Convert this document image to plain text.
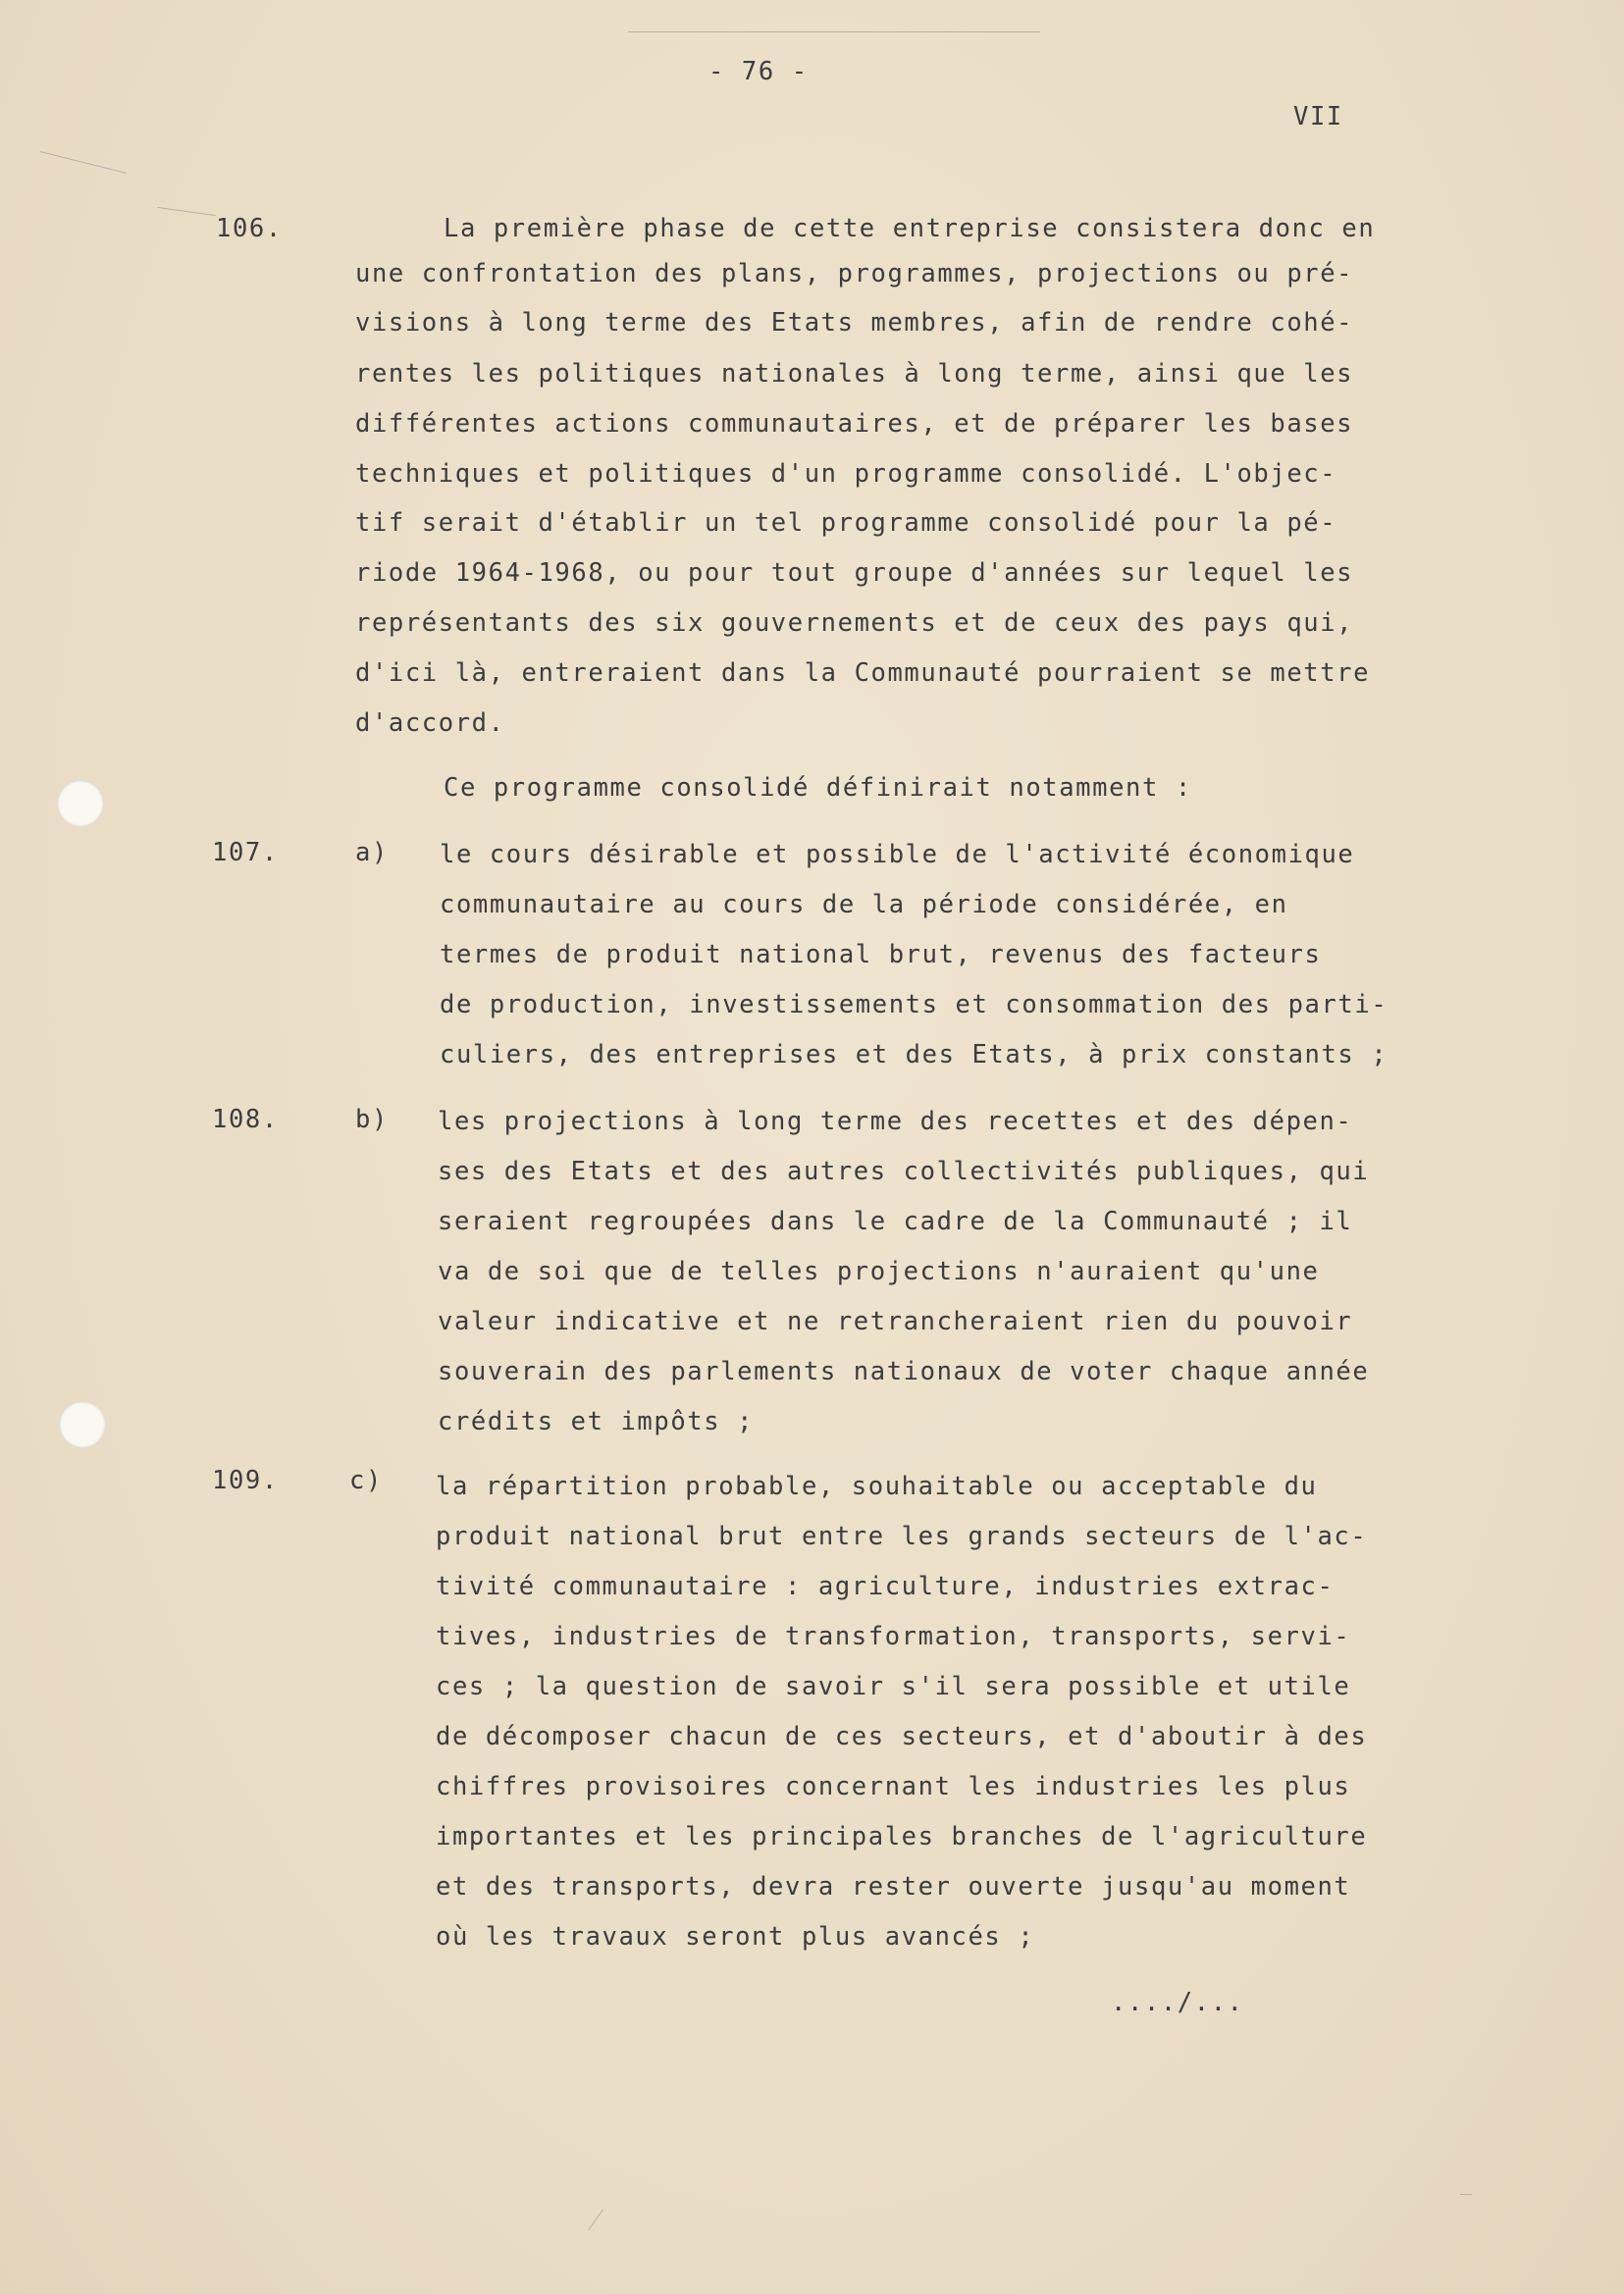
- 76 -
VII
106.	La première phase de cette entreprise consistera donc en
une confrontation des plans, programmes, projections ou pré-
visions à long terme des Etats membres, afin de rendre cohé-
rentes les politiques nationales à long terme, ainsi que les
différentes actions communautaires, et de préparer les bases
techniques et politiques d'un programme consolidé. L'objec-
tif serait d'établir un tel programme consolidé pour la pé-
riode 1964-1968, ou pour tout groupe d'années sur lequel les
représentants des six gouvernements et de ceux des pays qui,
d'ici là, entreraient dans la Communauté pourraient se mettre
d'accord.
Ce programme consolidé définirait notamment :
107.	a) le cours désirable et possible de l'activité économique
communautaire au cours de la période considérée, en
termes de produit national brut, revenus des facteurs
de production, investissements et consommation des parti-
culiers, des entreprises et des Etats, à prix constants ;
108.	b) les projections à long terme des recettes et des dépen-
ses des Etats et des autres collectivités publiques, qui
seraient regroupées dans le cadre de la Communauté ; il
va de soi que de telles projections n'auraient qu'une
valeur indicative et ne retrancheraient rien du pouvoir
souverain des parlements nationaux de voter chaque année
crédits et impôts ;
109.	c) la répartition probable, souhaitable ou acceptable du
produit national brut entre les grands secteurs de l'ac-
tivité communautaire : agriculture, industries extrac-
tives, industries de transformation, transports, servi-
ces ; la question de savoir s'il sera possible et utile
de décomposer chacun de ces secteurs, et d'aboutir à des
chiffres provisoires concernant les industries les plus
importantes et les principales branches de l'agriculture
et des transports, devra rester ouverte jusqu'au moment
où les travaux seront plus avancés ;
..../...
